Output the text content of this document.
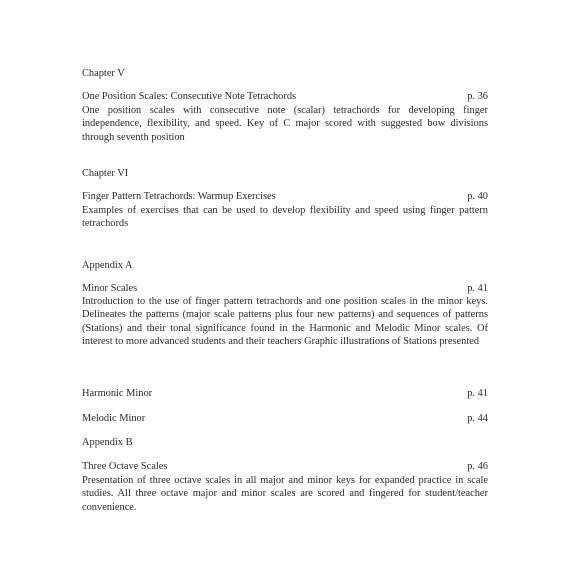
Chapter V
One Position Scales: Consecutive Note Tetrachords	p. 36
One position scales with consecutive note (scalar) tetrachords for developing finger independence, flexibility, and speed. Key of C major scored with suggested bow divisions through seventh position
Chapter VI
Finger Pattern Tetrachords: Warmup Exercises	p. 40
Examples of exercises that can be used to develop flexibility and speed using finger pattern tetrachords
Appendix A
Minor Scales	p. 41
Introduction to the use of finger pattern tetrachords and one position scales in the minor keys. Delineates the patterns (major scale patterns plus four new patterns) and sequences of patterns (Stations) and their tonal significance found in the Harmonic and Melodic Minor scales. Of interest to more advanced students and their teachers Graphic illustrations of Stations presented
Harmonic Minor	p. 41
Melodic Minor	p. 44
Appendix B
Three Octave Scales	p. 46
Presentation of three octave scales in all major and minor keys for expanded practice in scale studies. All three octave major and minor scales are scored and fingered for student/teacher convenience.
